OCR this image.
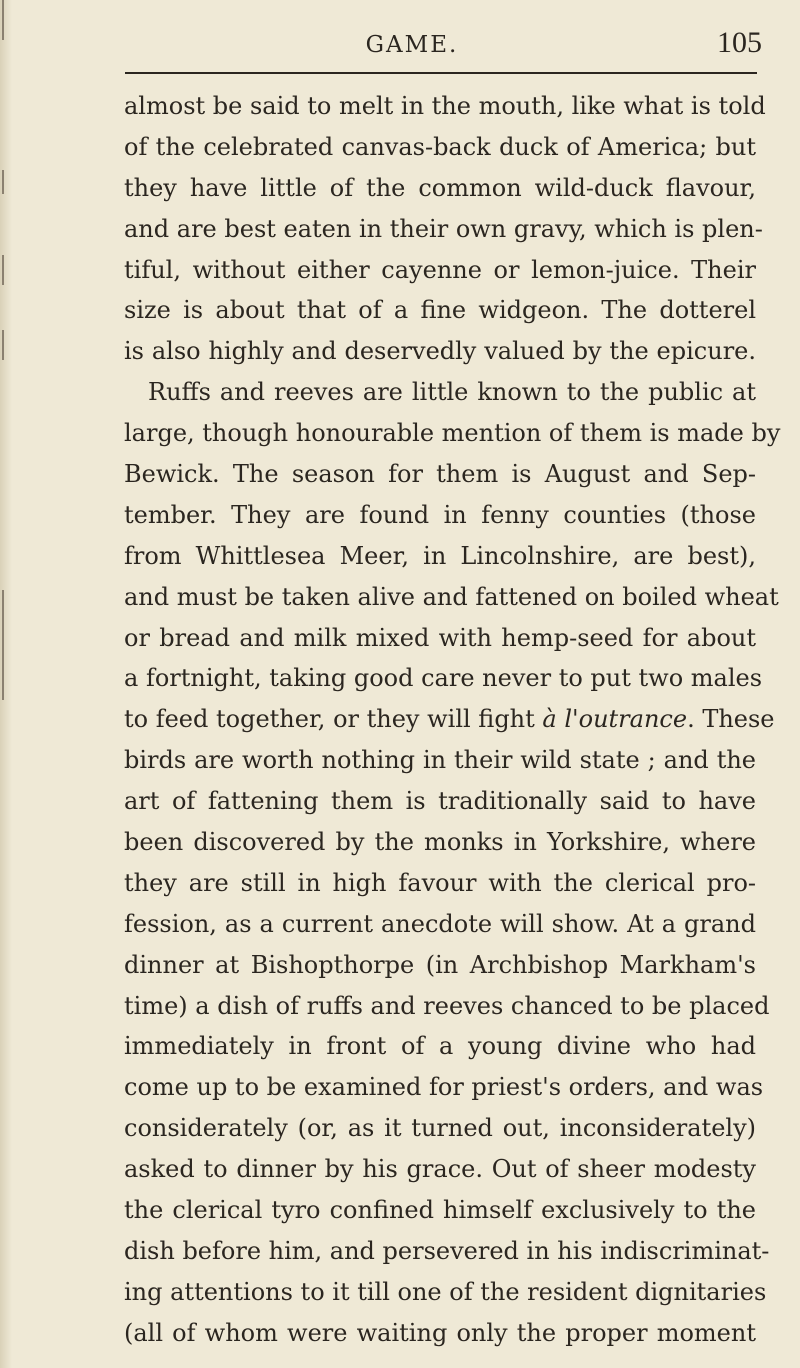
GAME.	105
almost be said to melt in the mouth, like what is told
of the celebrated canvas-back duck of America; but
they have little of the common wild-duck flavour,
and are best eaten in their own gravy, which is plen-
tiful, without either cayenne or lemon-juice. Their
size is about that of a fine widgeon. The dotterel
is also highly and deservedly valued by the epicure.
Ruffs and reeves are little known to the public at
large, though honourable mention of them is made by
Bewick. The season for them is August and Sep-
tember. They are found in fenny counties (those
from Whittlesea Meer, in Lincolnshire, are best),
and must be taken alive and fattened on boiled wheat
or bread and milk mixed with hemp-seed for about
a fortnight, taking good care never to put two males
to feed together, or they will fight à l'outrance. These
birds are worth nothing in their wild state ; and the
art of fattening them is traditionally said to have
been discovered by the monks in Yorkshire, where
they are still in high favour with the clerical pro-
fession, as a current anecdote will show. At a grand
dinner at Bishopthorpe (in Archbishop Markham's
time) a dish of ruffs and reeves chanced to be placed
immediately in front of a young divine who had
come up to be examined for priest's orders, and was
considerately (or, as it turned out, inconsiderately)
asked to dinner by his grace. Out of sheer modesty
the clerical tyro confined himself exclusively to the
dish before him, and persevered in his indiscriminat-
ing attentions to it till one of the resident dignitaries
(all of whom were waiting only the proper moment
